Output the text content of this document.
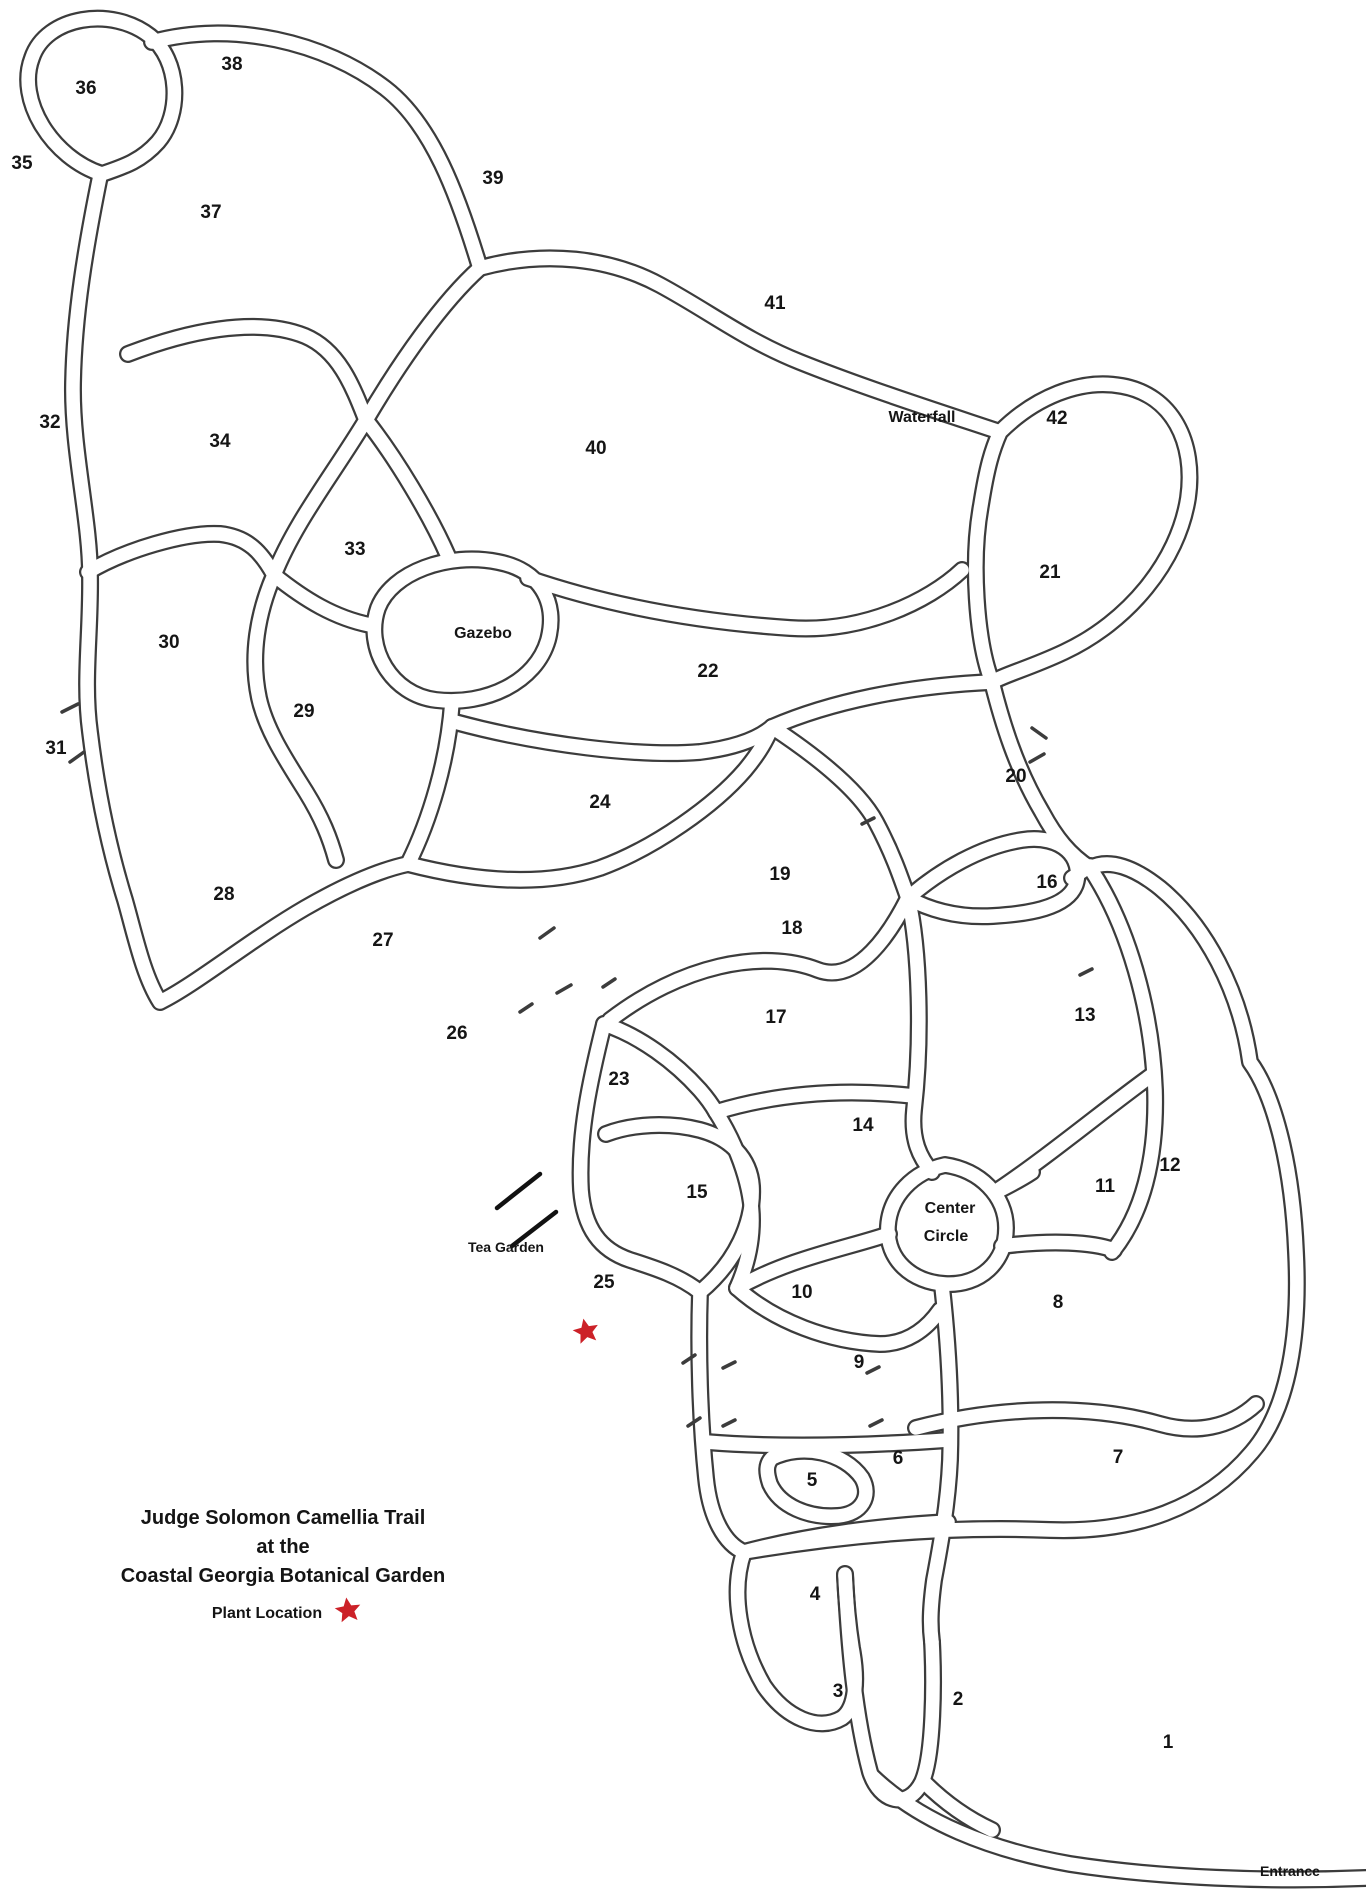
1
2
3
4
5
6	7
8
9
10
11
12
13
14
15
16
17
18
19
20
21
22
23
24
25
26
27
28
29
30
31
32
33
34
35
36
37
38
39
40
41
42
Waterfall
Gazebo
Center
Circle
Tea Garden
Entrance
Judge Solomon Camellia Trail
at the
Coastal Georgia Botanical Garden
Plant Location
